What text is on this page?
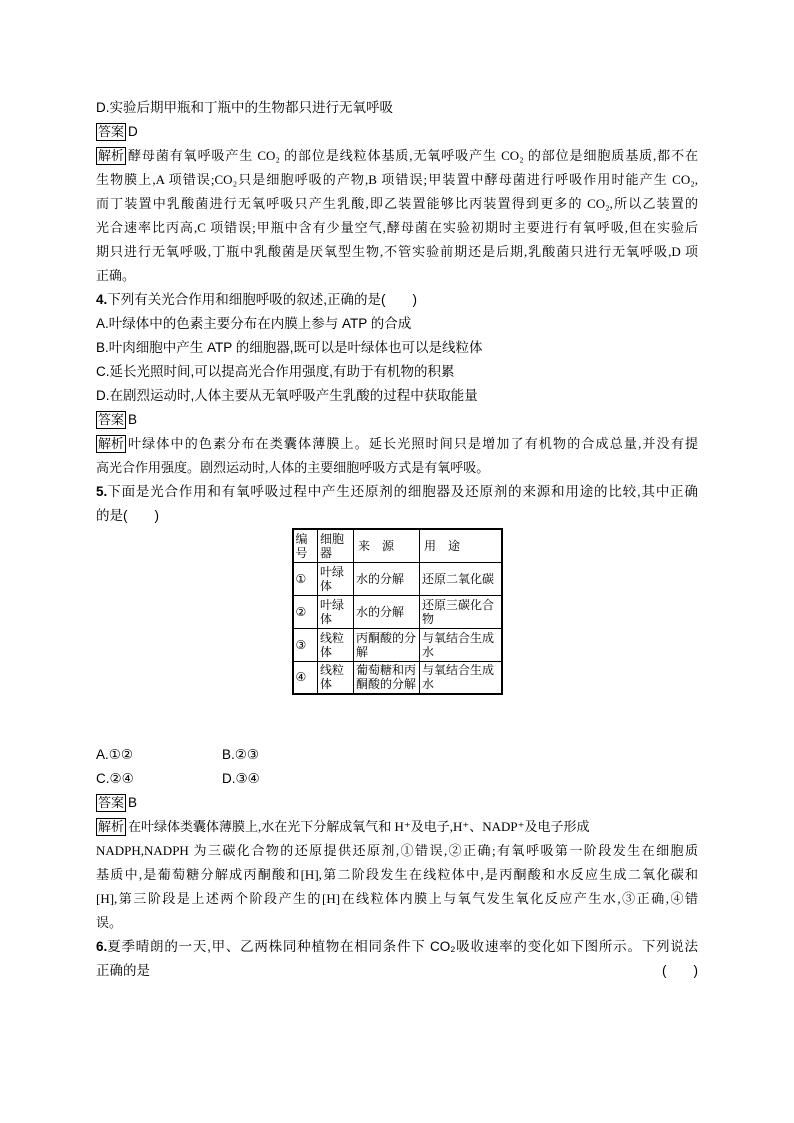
D.实验后期甲瓶和丁瓶中的生物都只进行无氧呼吸
答案 D
解析 酵母菌有氧呼吸产生 CO₂ 的部位是线粒体基质,无氧呼吸产生 CO₂ 的部位是细胞质基质,都不在
生物膜上,A 项错误;CO₂只是细胞呼吸的产物,B 项错误;甲装置中酵母菌进行呼吸作用时能产生 CO₂,
而丁装置中乳酸菌进行无氧呼吸只产生乳酸,即乙装置能够比丙装置得到更多的 CO₂,所以乙装置的
光合速率比丙高,C 项错误;甲瓶中含有少量空气,酵母菌在实验初期时主要进行有氧呼吸,但在实验后
期只进行无氧呼吸,丁瓶中乳酸菌是厌氧型生物,不管实验前期还是后期,乳酸菌只进行无氧呼吸,D 项
正确。
4.下列有关光合作用和细胞呼吸的叙述,正确的是(　　)
A.叶绿体中的色素主要分布在内膜上参与 ATP 的合成
B.叶肉细胞中产生 ATP 的细胞器,既可以是叶绿体也可以是线粒体
C.延长光照时间,可以提高光合作用强度,有助于有机物的积累
D.在剧烈运动时,人体主要从无氧呼吸产生乳酸的过程中获取能量
答案 B
解析 叶绿体中的色素分布在类囊体薄膜上。延长光照时间只是增加了有机物的合成总量,并没有提
高光合作用强度。剧烈运动时,人体的主要细胞呼吸方式是有氧呼吸。
5. 下面是光合作用和有氧呼吸过程中产生还原剂的细胞器及还原剂的来源和用途的比较,其中正确
的是(　　)
编号	细胞器	来　源	用　途
①	叶绿体	水的分解	还原二氧化碳
②	叶绿体	水的分解	还原三碳化合物
③	线粒体	丙酮酸的分解	与氧结合生成水
④	线粒体	葡萄糖和丙酮酸的分解	与氧结合生成水
A.①②	B.②③
C.②④	D.③④
答案 B
解析 在叶绿体类囊体薄膜上,水在光下分解成氧气和 H⁺及电子,H⁺、NADP⁺及电子形成
NADPH,NADPH 为三碳化合物的还原提供还原剂,①错误,②正确;有氧呼吸第一阶段发生在细胞质
基质中,是葡萄糖分解成丙酮酸和[H],第二阶段发生在线粒体中,是丙酮酸和水反应生成二氧化碳和
[H],第三阶段是上述两个阶段产生的[H]在线粒体内膜上与氧气发生氧化反应产生水,③正确,④错
误。
6. 夏季晴朗的一天,甲、乙两株同种植物在相同条件下 CO₂吸收速率的变化如下图所示。下列说法
正确的是	(　　)
